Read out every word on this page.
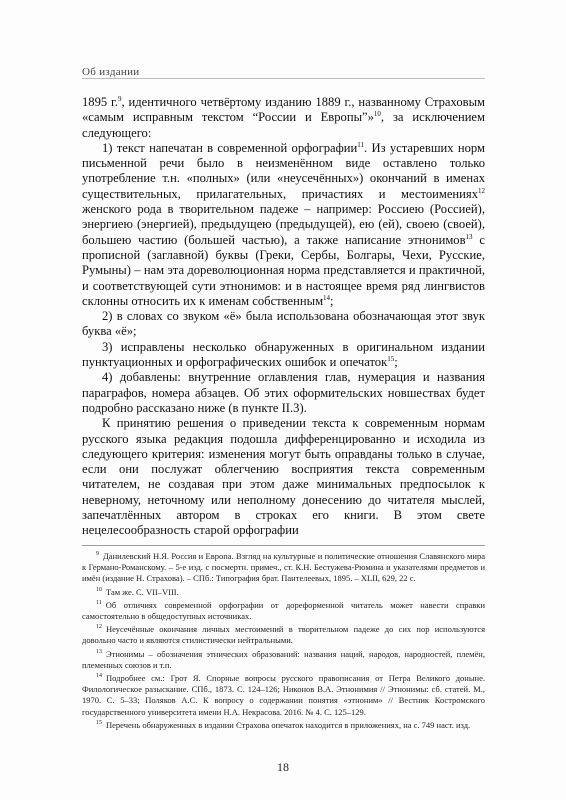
Об издании

1895 г.$^9$, идентичного четвёртому изданию 1889 г., названному Страховым «самым исправным текстом “России и Европы”»$^{10}$, за исключением следующего:

1) текст напечатан в современной орфографии$^{11}$. Из устаревших норм письменной речи было в неизменённом виде оставлено только употребление т.н. «полных» (или «неусечённых») окончаний в именах существительных, прилагательных, причастиях и местоимениях$^{12}$ женского рода в творительном падеже – например: Россиею (Россией), энергиею (энергией), предыдущею (предыдущей), ею (ей), своею (своей), большею частию (большей частью), а также написание этнонимов$^{13}$ с прописной (заглавной) буквы (Греки, Сербы, Болгары, Чехи, Русские, Румыны) – нам эта дореволюционная норма представляется и практичной, и соответствующей сути этнонимов: и в настоящее время ряд лингвистов склонны относить их к именам собственным$^{14}$;

2) в словах со звуком «ё» была использована обозначающая этот звук буква «ё»;

3) исправлены несколько обнаруженных в оригинальном издании пунктуационных и орфографических ошибок и опечаток$^{15}$;

4) добавлены: внутренние оглавления глав, нумерация и названия параграфов, номера абзацев. Об этих оформительских новшествах будет подробно рассказано ниже (в пункте II.3).

К принятию решения о приведении текста к современным нормам русского языка редакция подошла дифференцированно и исходила из следующего критерия: изменения могут быть оправданы только в случае, если они послужат облегчению восприятия текста современным читателем, не создавая при этом даже минимальных предпосылок к неверному, неточному или неполному донесению до читателя мыслей, запечатлённых автором в строках его книги. В этом свете нецелесообразность старой орфографии

$^9$ Данилевский Н.Я. Россия и Европа. Взгляд на культурные и политические отношения Славянского мира к Германо-Романскому. – 5-е изд. с посмертн. примеч., ст. К.Н. Бестужева-Рюмина и указателями предметов и имён (издание Н. Страхова). – СПб.: Типография брат. Пантелеевых, 1895. – XLII, 629, 22 с.

$^{10}$ Там же. С. VII–VIII.

$^{11}$ Об отличиях современной орфографии от дореформенной читатель может навести справки самостоятельно в общедоступных источниках.

$^{12}$ Неусечённые окончания личных местоимений в творительном падеже до сих пор используются довольно часто и являются стилистически нейтральными.

$^{13}$ Этнонимы – обозначения этнических образований: названия наций, народов, народностей, племён, племенных союзов и т.п.

$^{14}$ Подробнее см.: Грот Я. Спорные вопросы русского правописания от Петра Великого доныне. Филологическое разыскание. СПб., 1873. С. 124–126; Никонов В.А. Этнонимия // Этнонимы: сб. статей. М., 1970. С. 5–33; Поляков А.С. К вопросу о содержании понятия «этноним» // Вестник Костромского государственного университета имени Н.А. Некрасова. 2016. № 4. С. 125–129.

$^{15}$ Перечень обнаруженных в издании Страхова опечаток находится в приложениях, на с. 749 наст. изд.

18
